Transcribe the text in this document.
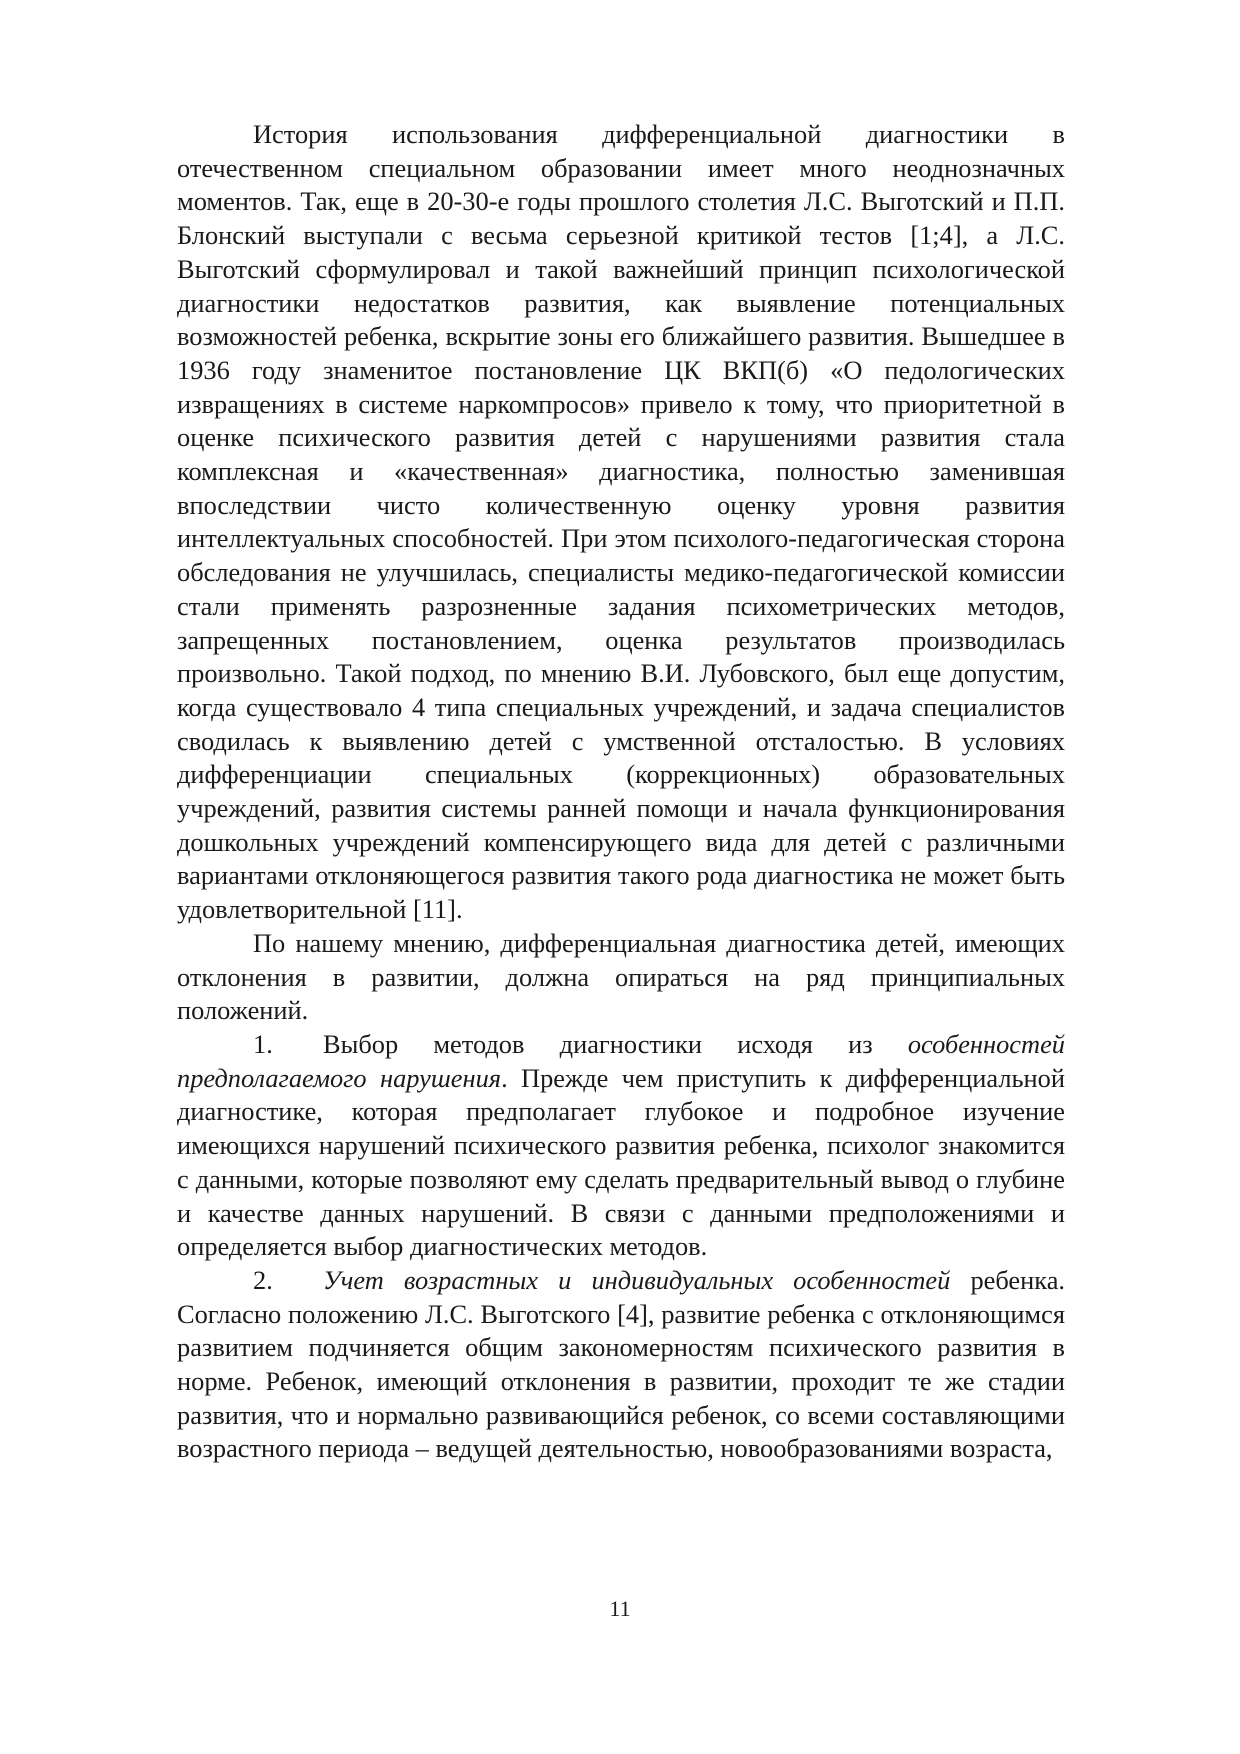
История использования дифференциальной диагностики в отечественном специальном образовании имеет много неоднозначных моментов. Так, еще в 20-30-е годы прошлого столетия Л.С. Выготский и П.П. Блонский выступали с весьма серьезной критикой тестов [1;4], а Л.С. Выготский сформулировал и такой важнейший принцип психологической диагностики недостатков развития, как выявление потенциальных возможностей ребенка, вскрытие зоны его ближайшего развития. Вышедшее в 1936 году знаменитое постановление ЦК ВКП(б) «О педологических извращениях в системе наркомпросов» привело к тому, что приоритетной в оценке психического развития детей с нарушениями развития стала комплексная и «качественная» диагностика, полностью заменившая впоследствии чисто количественную оценку уровня развития интеллектуальных способностей. При этом психолого-педагогическая сторона обследования не улучшилась, специалисты медико-педагогической комиссии стали применять разрозненные задания психометрических методов, запрещенных постановлением, оценка результатов производилась произвольно. Такой подход, по мнению В.И. Лубовского, был еще допустим, когда существовало 4 типа специальных учреждений, и задача специалистов сводилась к выявлению детей с умственной отсталостью. В условиях дифференциации специальных (коррекционных) образовательных учреждений, развития системы ранней помощи и начала функционирования дошкольных учреждений компенсирующего вида для детей с различными вариантами отклоняющегося развития такого рода диагностика не может быть удовлетворительной [11].

По нашему мнению, дифференциальная диагностика детей, имеющих отклонения в развитии, должна опираться на ряд принципиальных положений.

1. Выбор методов диагностики исходя из особенностей предполагаемого нарушения. Прежде чем приступить к дифференциальной диагностике, которая предполагает глубокое и подробное изучение имеющихся нарушений психического развития ребенка, психолог знакомится с данными, которые позволяют ему сделать предварительный вывод о глубине и качестве данных нарушений. В связи с данными предположениями и определяется выбор диагностических методов.

2. Учет возрастных и индивидуальных особенностей ребенка. Согласно положению Л.С. Выготского [4], развитие ребенка с отклоняющимся развитием подчиняется общим закономерностям психического развития в норме. Ребенок, имеющий отклонения в развитии, проходит те же стадии развития, что и нормально развивающийся ребенок, со всеми составляющими возрастного периода – ведущей деятельностью, новообразованиями возраста,

11
